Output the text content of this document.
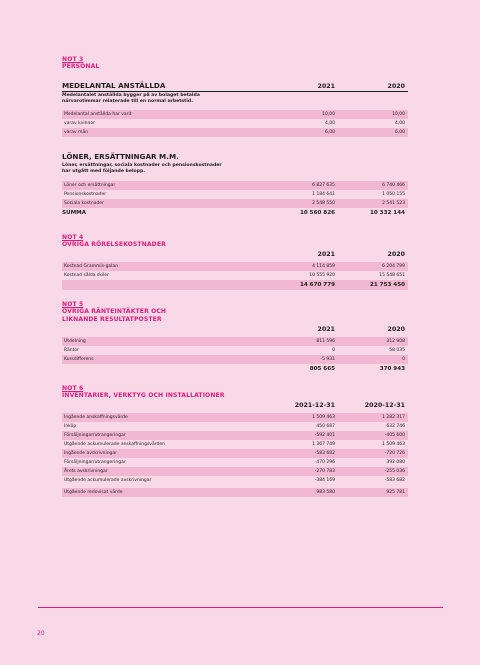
NOT 3
PERSONAL
MEDELANTAL ANSTÄLLDA	2021	2020
Medelantalet anställda bygger på av bolaget betalda
närvarotimmar relaterade till en normal arbetstid.
Medelantal anställda har varit	10,00	10,00
varav kvinnor	4,00	4,00
varav män	6,00	6,00
LÖNER, ERSÄTTNINGAR M.M.
Löner, ersättningar, sociala kostnader och pensionskostnader
har utgått med följande belopp.
Löner och ersättningar	6 827 635	6 740 466
Pensionskostnader	1 184 641	1 050 155
Sociala kostnader	2 548 550	2 541 523
SUMMA	10 560 826	10 332 144
NOT 4
ÖVRIGA RÖRELSEKOSTNADER
2021	2020
Kostnad Grammis-galan	4 114 859	6 204 799
Kostnad sålda skiler	10 555 920	15 548 651
14 670 779	21 753 450
NOT 5
ÖVRIGA RÄNTEINTÄKTER OCH
LIKNANDE RESULTATPOSTER
2021	2020
Utdelning	811 596	312 908
Räntor	0	58 035
Kursdifferens	-5 931	0
805 665	370 943
NOT 6
INVENTARIER, VERKTYG OCH INSTALLATIONER
2021-12-31	2020-12-31
Ingående anskaffningsvärde	1 509 463	1 282 317
Inköp	450 687	632 746
Försäljningar/utrangeringar	-592 401	-405 600
Utgående ackumulerade anskaffningsvärden	1 367 749	1 509 463
Ingående avskrivningar	-583 682	-720 726
Försäljningar/utrangeringar	470 296	392 080
Årets avskrivningar	-270 783	-255 036
Utgående ackumulerade avskrivningar	-384 169	-583 682
Utgående redovisat värde	983 580	925 781
20
